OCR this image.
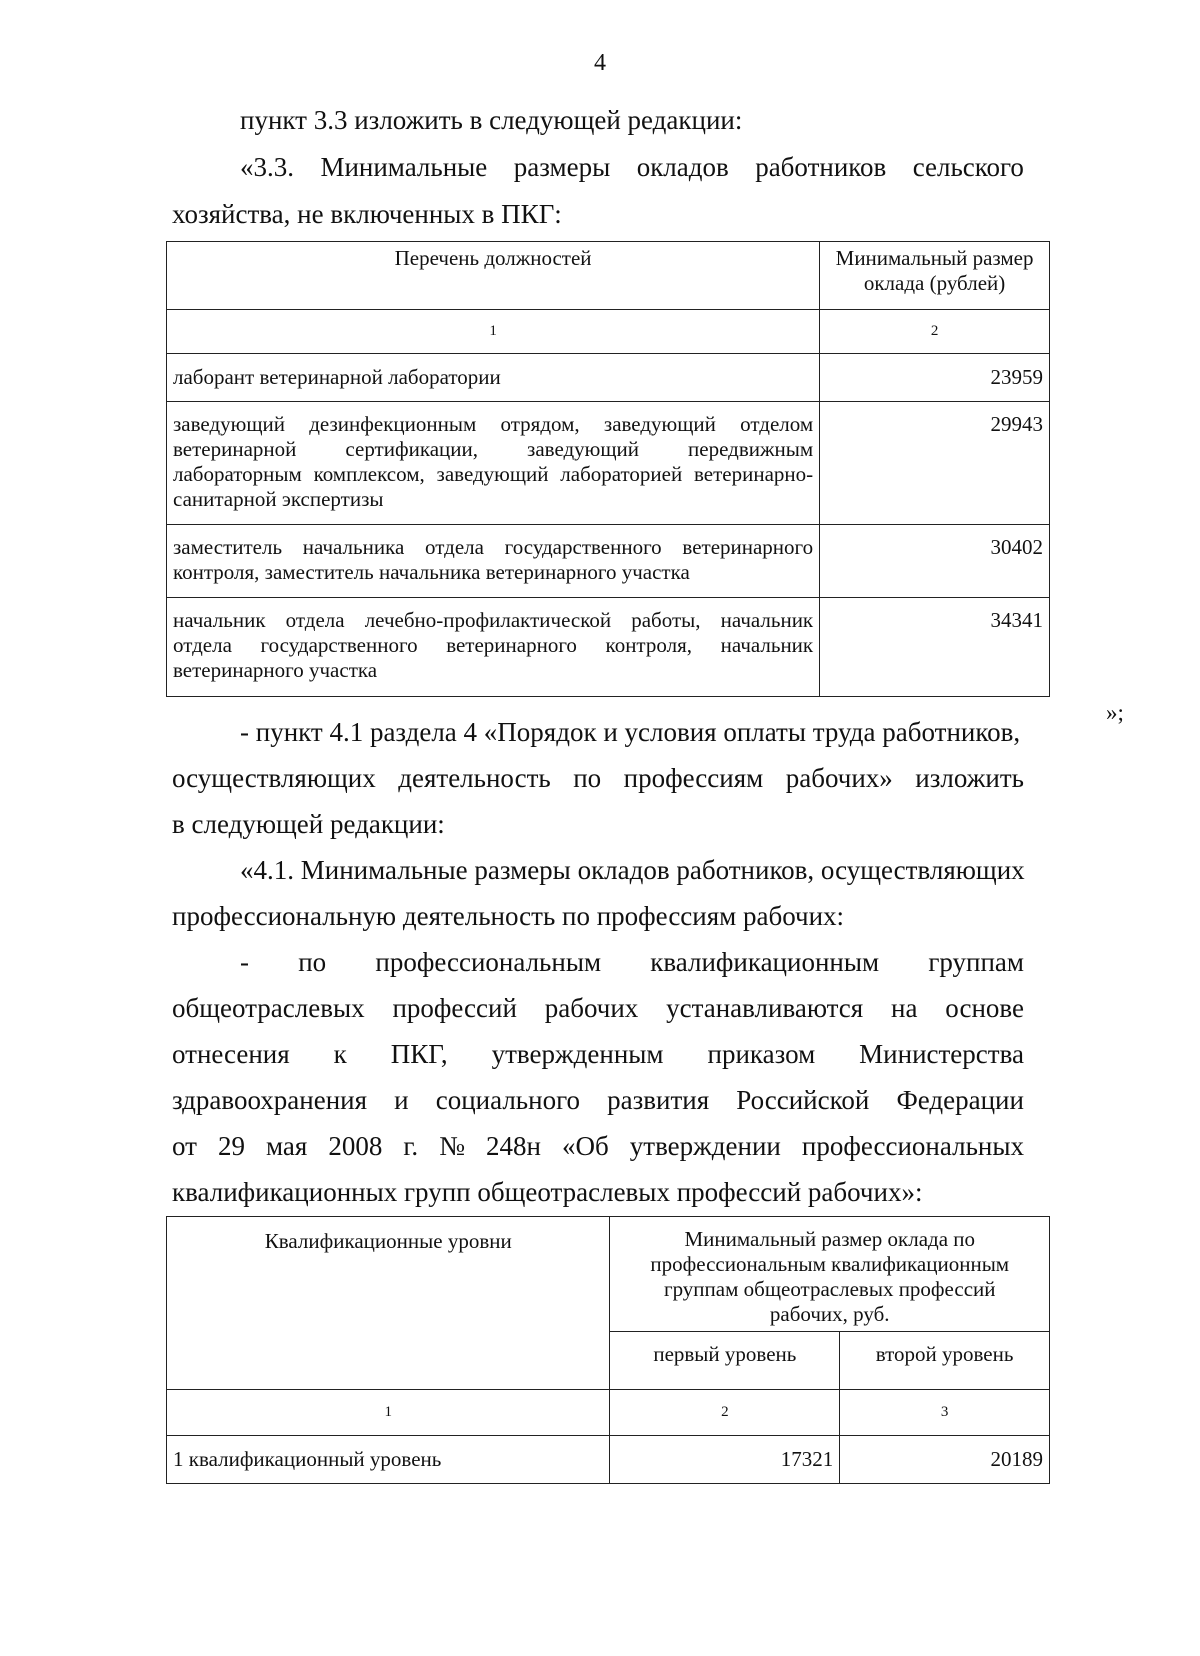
4
пункт 3.3 изложить в следующей редакции:
«3.3. Минимальные размеры окладов работников сельского
хозяйства, не включенных в ПКГ:
Перечень должностей	Минимальный размер
оклада (рублей)
1	2
лаборант ветеринарной лаборатории	23959
заведующий дезинфекционным отрядом, заведующий отделом ветеринарной сертификации, заведующий передвижным лабораторным комплексом, заведующий лабораторией ветеринарно-санитарной экспертизы	29943
заместитель начальника отдела государственного ветеринарного контроля, заместитель начальника ветеринарного участка	30402
начальник отдела лечебно-профилактической работы, начальник отдела государственного ветеринарного контроля, начальник ветеринарного участка	34341
»;
- пункт 4.1 раздела 4 «Порядок и условия оплаты труда работников,
осуществляющих деятельность по профессиям рабочих» изложить
в следующей редакции:
«4.1. Минимальные размеры окладов работников, осуществляющих
профессиональную деятельность по профессиям рабочих:
- по профессиональным квалификационным группам
общеотраслевых профессий рабочих устанавливаются на основе
отнесения к ПКГ, утвержденным приказом Министерства
здравоохранения и социального развития Российской Федерации
от 29 мая 2008 г. № 248н «Об утверждении профессиональных
квалификационных групп общеотраслевых профессий рабочих»:
Квалификационные уровни	Минимальный размер оклада по
профессиональным квалификационным
группам общеотраслевых профессий
рабочих, руб.	
	первый уровень	второй уровень
1	2	3
1 квалификационный уровень	17321	20189
